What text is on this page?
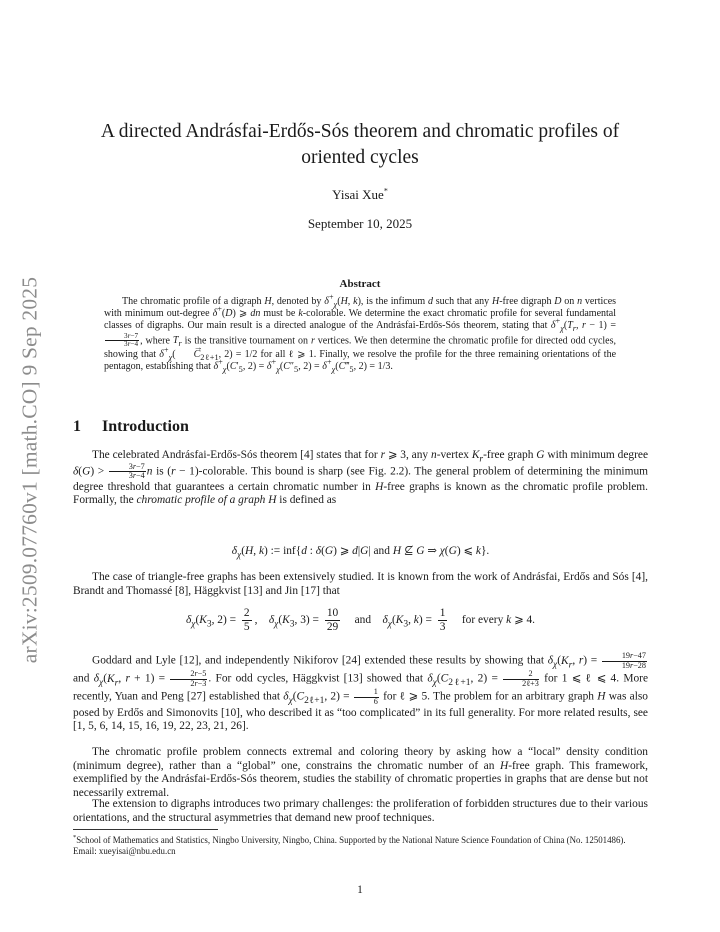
arXiv:2509.07760v1 [math.CO] 9 Sep 2025
A directed Andrásfai-Erdős-Sós theorem and chromatic profiles of oriented cycles
Yisai Xue*
September 10, 2025
Abstract
The chromatic profile of a digraph H, denoted by $\delta^+_\chi(H$, k), is the infimum d such that any H-free digraph D on n vertices with minimum out-degree δ+(D) ⩾ dn must be k-colorable. We determine the exact chromatic profile for several fundamental classes of digraphs. Our main result is a directed analogue of the Andrásfai-Erdős-Sós theorem, stating that $\delta^+_\chi(T_r$, r − 1) =
$\frac{3r-7}{3r-4}$ , where $T_r$ is the transitive tournament on r vertices. We then determine the chromatic profile for directed odd cycles, showing that $\delta^+_\chi(\to C_{2\ell+1}$, 2) = 1/2 for all ℓ ⩾ 1. Finally, we resolve the profile for the three remaining orientations of the pentagon, establishing that $\delta^+_\chi(C'_5$, $2) = \delta^+_\chi(C''_5$, $2) = \delta^+_\chi(C‴_5$, 2) = 1/3.
1 Introduction
The celebrated Andrásfai-Erdős-Sós theorem [4] states that for r ⩾ 3, any n-vertex $K_r$-free graph G with minimum degree $\delta(G) > \frac{3r-7}{3r-4}$ n is (r − 1)-colorable. This bound is sharp (see Fig. 2.2). The general problem of determining the minimum degree threshold that guarantees a certain chromatic number in H-free graphs is known as the chromatic profile problem. Formally, the chromatic profile of a graph H is defined as
$\delta_\chi(H$, k) := inf{d : δ(G) ⩾ d|G| and H ⊈ G ⇒ χ(G) ⩽ k}.
The case of triangle-free graphs has been extensively studied. It is known from the work of Andrásfai, Erdős and Sós [4], Brandt and Thomassé [8], Häggkvist [13] and Jin [17] that
$\delta_\chi(K_3$, $2) = \frac{2}{5}$ ,    $\delta_\chi(K_3$, $3) = \frac{10}{29}$ and    $\delta_\chi(K_3$, $k) = \frac{1}{3}$ for every k ⩾ 4.
Goddard and Lyle [12], and independently Nikiforov [24] extended these results by showing that $\delta_\chi(K_r$, $r) = \frac{19r-47}{19r-28}$
and $\delta_\chi(K_r$, $r + 1) = \frac{2r-5}{2r-3}$ . For odd cycles, Häggkvist [13] showed that $\delta_\chi(C_{2\ell+1}$, $2) = \frac{2}{\text{2ℓ+3}}$ for 1 ⩽ ℓ ⩽ 4. More recently, Yuan and Peng [27] established that $\delta_\chi(C_{2\ell+1}$, $2) = \frac{1}{6}$ for ℓ ⩾ 5. The problem for an arbitrary graph H was also posed by Erdős and Simonovits [10], who described it as “too complicated” in its full generality. For more related results, see [1, 5, 6, 14, 15, 16, 19, 22, 23, 21, 26].
The chromatic profile problem connects extremal and coloring theory by asking how a “local” density condition (minimum degree), rather than a “global” one, constrains the chromatic number of an H-free graph. This framework, exemplified by the Andrásfai-Erdős-Sós theorem, studies the stability of chromatic properties in graphs that are dense but not necessarily extremal.
The extension to digraphs introduces two primary challenges: the proliferation of forbidden structures due to their various orientations, and the structural asymmetries that demand new proof techniques.
*School of Mathematics and Statistics, Ningbo University, Ningbo, China. Supported by the National Nature Science Foundation of China (No. 12501486). Email: xueyisai@nbu.edu.cn
1
